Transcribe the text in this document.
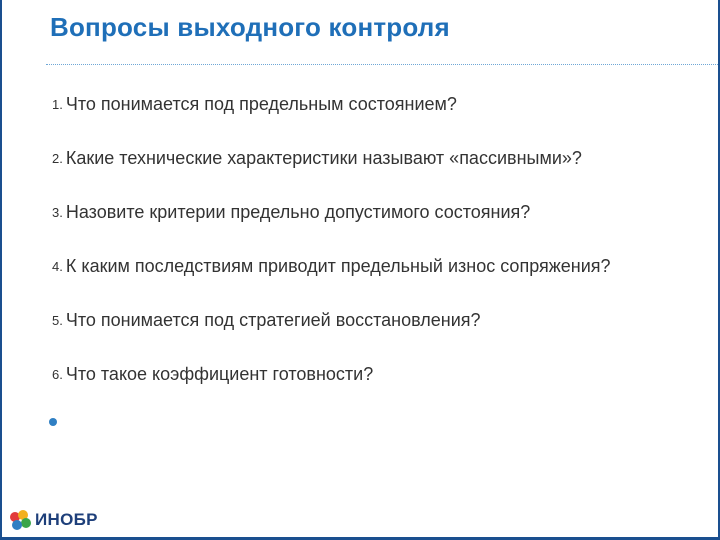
Вопросы выходного контроля
1. Что понимается под предельным состоянием?
2. Какие технические характеристики называют «пассивными»?
3. Назовите критерии предельно допустимого состояния?
4. К каким последствиям приводит предельный износ сопряжения?
5. Что понимается под стратегией восстановления?
6. Что такое коэффициент готовности?
ИНОБР
